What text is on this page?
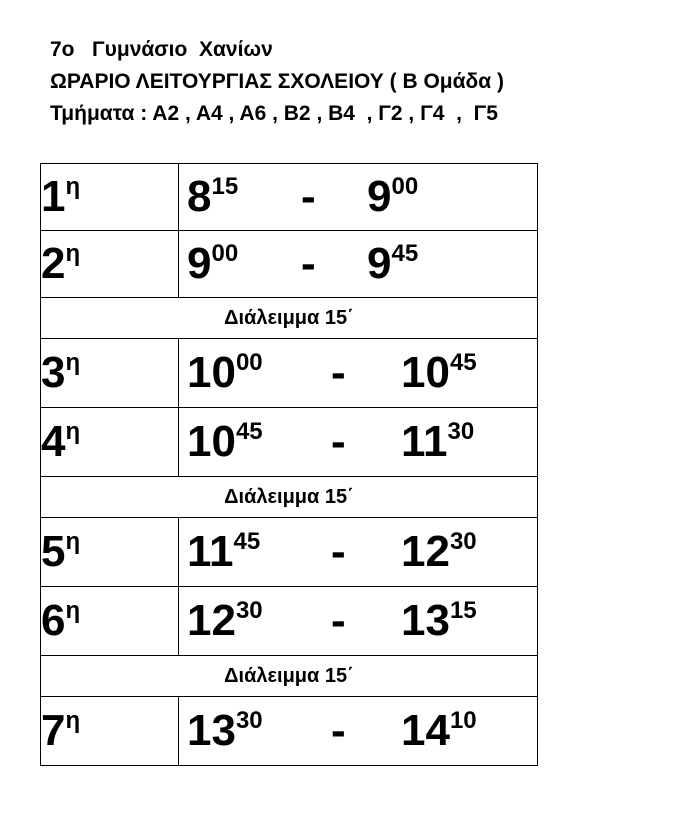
7ο   Γυμνάσιο  Χανίων
ΩΡΑΡΙΟ ΛΕΙΤΟΥΡΓΙΑΣ ΣΧΟΛΕΙΟΥ ( Β Ομάδα )
Τμήματα : Α2 , Α4 , Α6 , Β2 , Β4  , Γ2 , Γ4  ,  Γ5
$1^\eta$	$8^{15} - 9^{00}$

$2^\eta$	$9^{00} - 9^{45}$

Διάλειμμα 15΄	
$3^\eta$	$10^{00} - 10^{45}$

$4^\eta$	$10^{45} - 11^{30}$

Διάλειμμα 15΄	
$5^\eta$	$11^{45} - 12^{30}$

$6^\eta$	$12^{30} - 13^{15}$

Διάλειμμα 15΄	
$7^\eta$	$13^{30} - 14^{10}$
